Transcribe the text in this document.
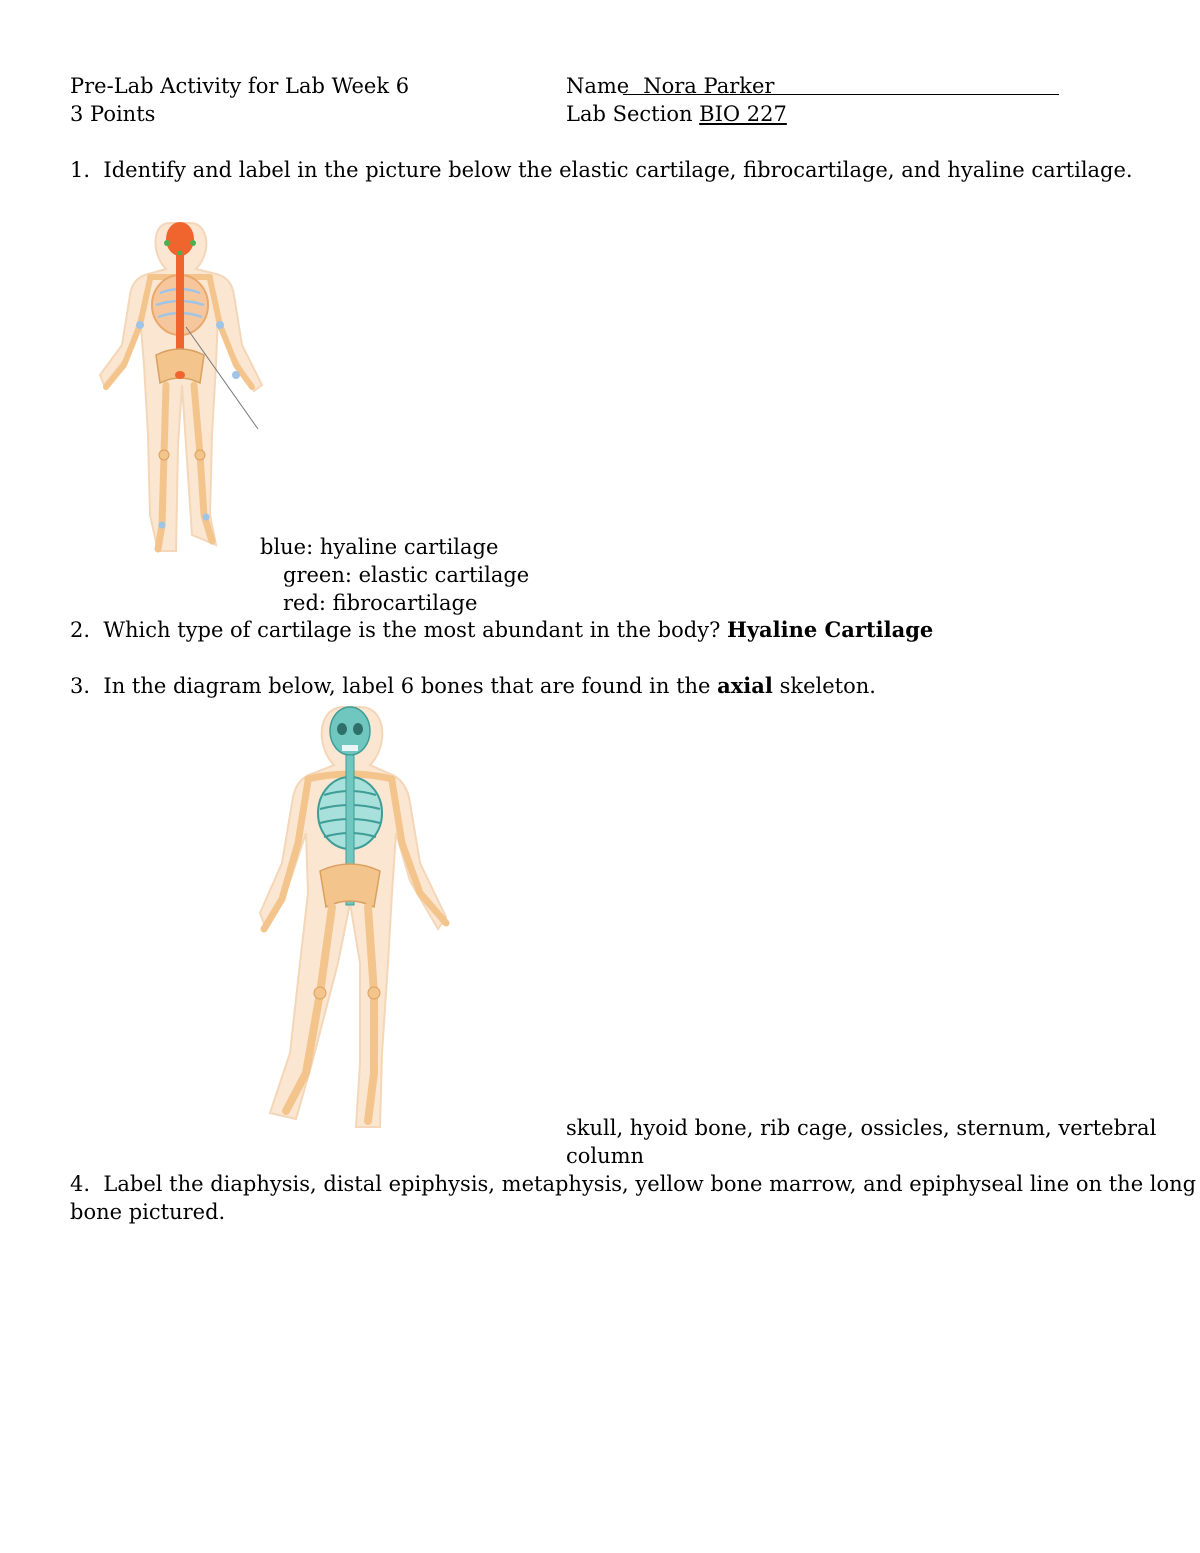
Pre-Lab Activity for Lab Week 6
3 Points
Name Nora Parker
Lab Section BIO 227
1. Identify and label in the picture below the elastic cartilage, fibrocartilage, and hyaline cartilage.
blue: hyaline cartilage
green: elastic cartilage
red: fibrocartilage
2. Which type of cartilage is the most abundant in the body? Hyaline Cartilage
3. In the diagram below, label 6 bones that are found in the axial skeleton.
skull, hyoid bone, rib cage, ossicles, sternum, vertebral
column
4. Label the diaphysis, distal epiphysis, metaphysis, yellow bone marrow, and epiphyseal line on the long
bone pictured.
